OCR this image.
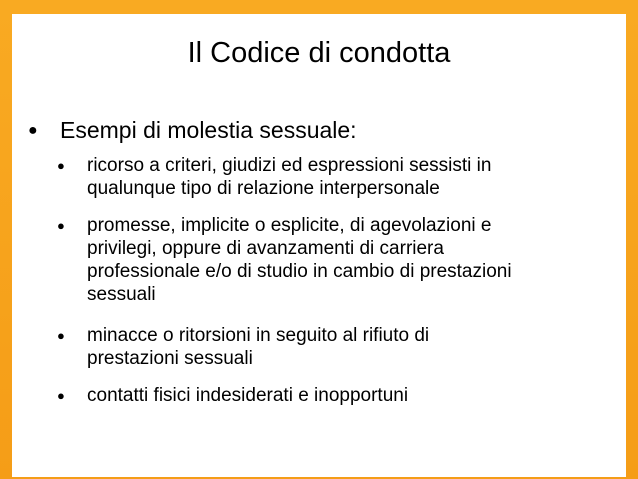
Il Codice di condotta
● Esempi di molestia sessuale:
● ricorso a criteri, giudizi ed espressioni sessisti in
qualunque tipo di relazione interpersonale
● promesse, implicite o esplicite, di agevolazioni e
privilegi, oppure di avanzamenti di carriera
professionale e/o di studio in cambio di prestazioni
sessuali
● minacce o ritorsioni in seguito al rifiuto di
prestazioni sessuali
● contatti fisici indesiderati e inopportuni
